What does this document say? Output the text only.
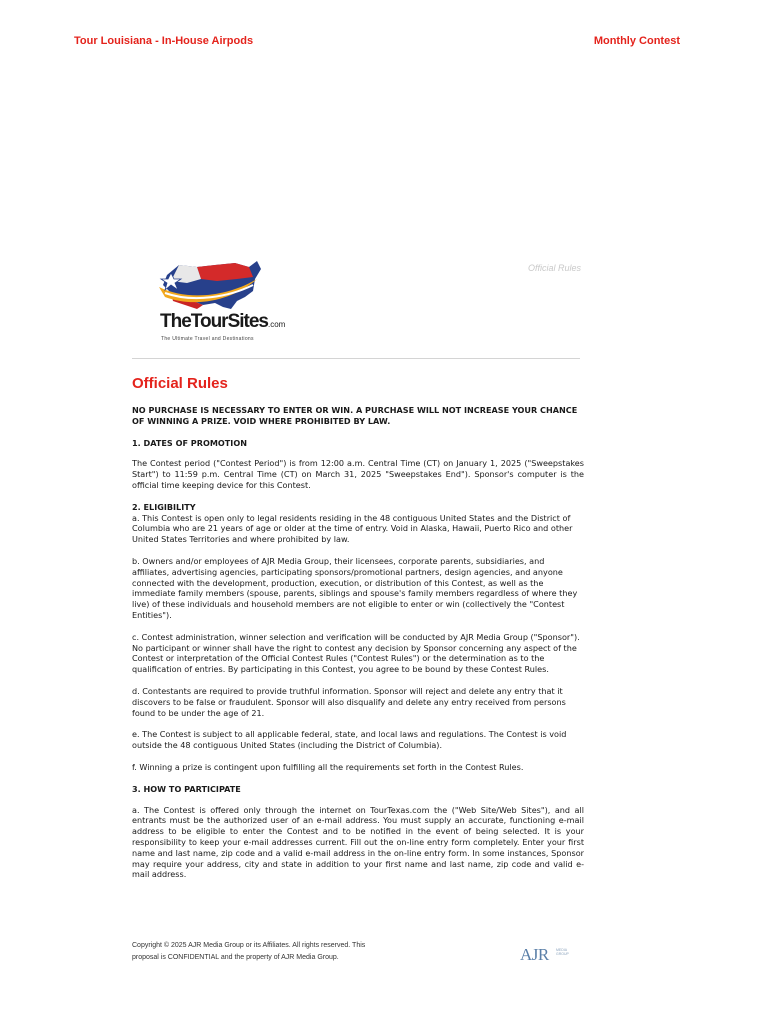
Tour Louisiana - In-House Airpods	Monthly Contest
Official Rules
TheTourSites.com
The Ultimate Travel and Destinations
Official Rules

NO PURCHASE IS NECESSARY TO ENTER OR WIN. A PURCHASE WILL NOT INCREASE YOUR CHANCE OF WINNING A PRIZE. VOID WHERE PROHIBITED BY LAW.

1. DATES OF PROMOTION

The Contest period ("Contest Period") is from 12:00 a.m. Central Time (CT) on January 1, 2025 ("Sweepstakes Start") to 11:59 p.m. Central Time (CT) on March 31, 2025 "Sweepstakes End"). Sponsor's computer is the official time keeping device for this Contest.

2. ELIGIBILITY

a. This Contest is open only to legal residents residing in the 48 contiguous United States and the District of Columbia who are 21 years of age or older at the time of entry. Void in Alaska, Hawaii, Puerto Rico and other United States Territories and where prohibited by law.

b. Owners and/or employees of AJR Media Group, their licensees, corporate parents, subsidiaries, and affiliates, advertising agencies, participating sponsors/promotional partners, design agencies, and anyone connected with the development, production, execution, or distribution of this Contest, as well as the immediate family members (spouse, parents, siblings and spouse's family members regardless of where they live) of these individuals and household members are not eligible to enter or win (collectively the "Contest Entities").

c. Contest administration, winner selection and verification will be conducted by AJR Media Group ("Sponsor"). No participant or winner shall have the right to contest any decision by Sponsor concerning any aspect of the Contest or interpretation of the Official Contest Rules ("Contest Rules") or the determination as to the qualification of entries. By participating in this Contest, you agree to be bound by these Contest Rules.

d. Contestants are required to provide truthful information. Sponsor will reject and delete any entry that it discovers to be false or fraudulent. Sponsor will also disqualify and delete any entry received from persons found to be under the age of 21.

e. The Contest is subject to all applicable federal, state, and local laws and regulations. The Contest is void outside the 48 contiguous United States (including the District of Columbia).

f. Winning a prize is contingent upon fulfilling all the requirements set forth in the Contest Rules.

3. HOW TO PARTICIPATE

a. The Contest is offered only through the internet on TourTexas.com the ("Web Site/Web Sites"), and all entrants must be the authorized user of an e-mail address. You must supply an accurate, functioning e-mail address to be eligible to enter the Contest and to be notified in the event of being selected. It is your responsibility to keep your e-mail addresses current. Fill out the on-line entry form completely. Enter your first name and last name, zip code and a valid e-mail address in the on-line entry form. In some instances, Sponsor may require your address, city and state in addition to your first name and last name, zip code and valid e-mail address.

Copyright © 2025 AJR Media Group or its Affiliates. All rights reserved. This proposal is CONFIDENTIAL and the property of AJR Media Group.	AJR MEDIA GROUP
